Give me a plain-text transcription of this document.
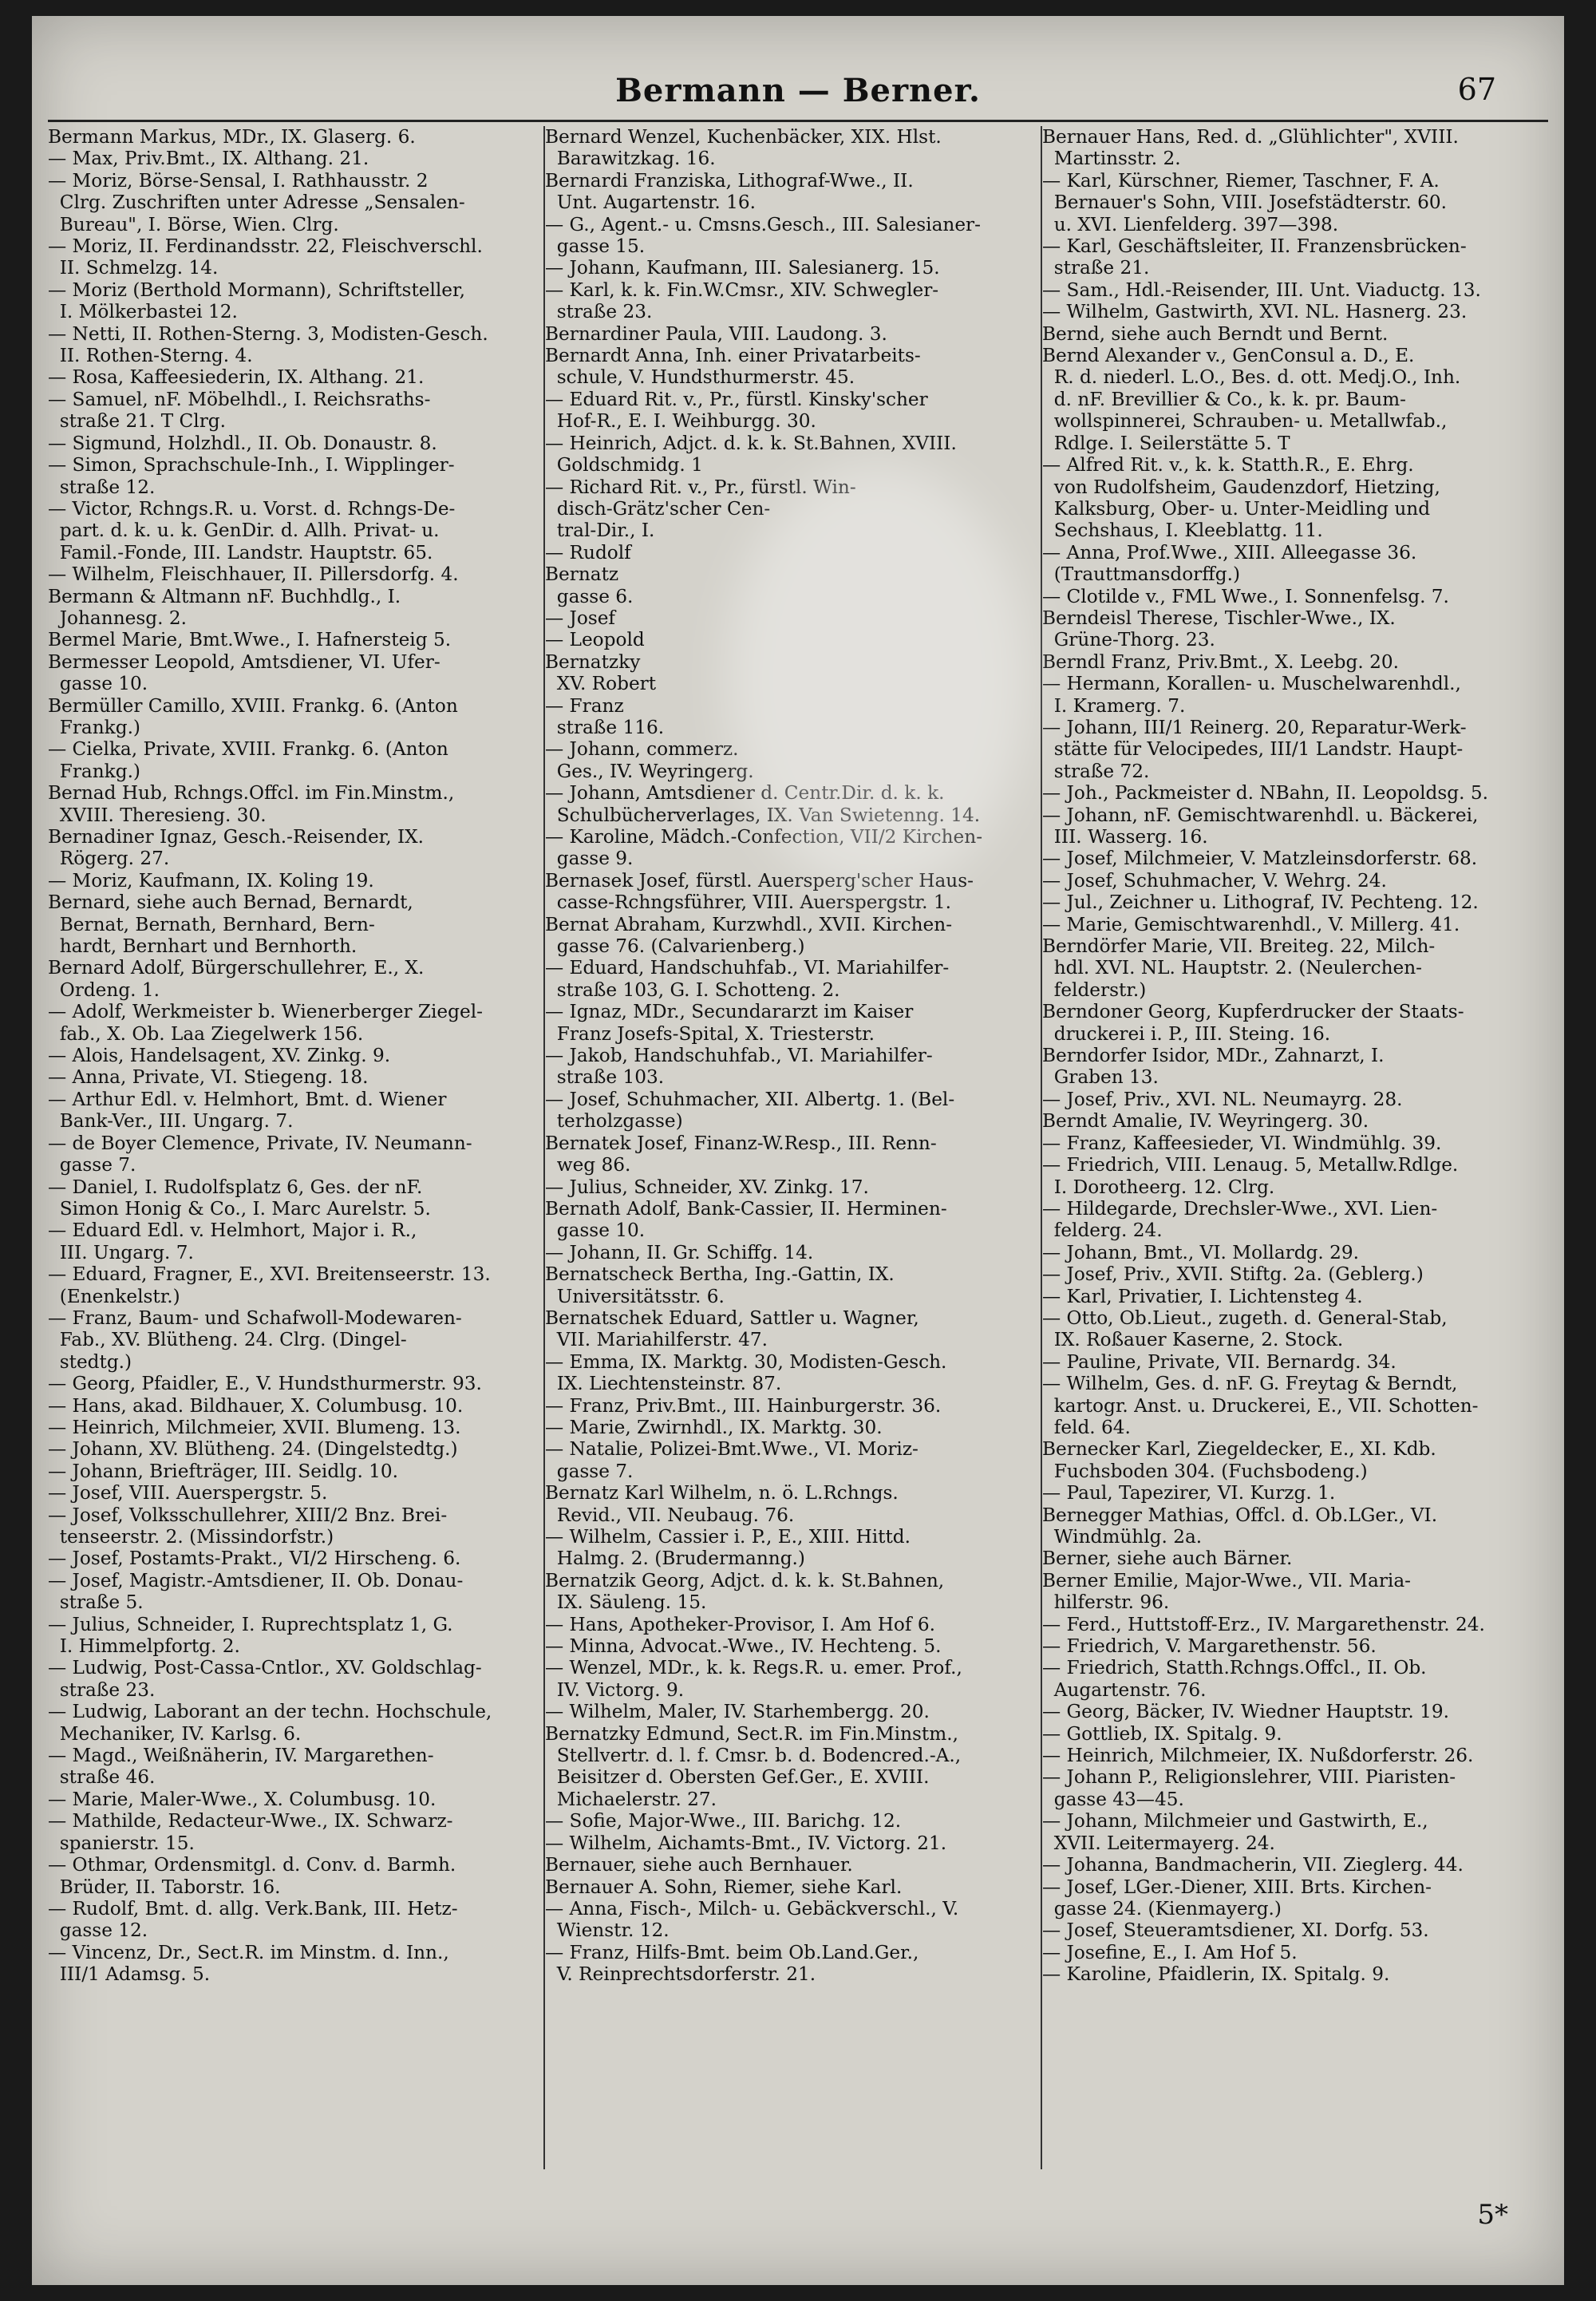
Bermann — Berner.	67
Bermann Markus, MDr., IX. Glaserg. 6.
— Max, Priv.Bmt., IX. Althang. 21.
— Moriz, Börse-Sensal, I. Rathhausstr. 2
Clrg. Zuschriften unter Adresse „Sensalen-
Bureau", I. Börse, Wien. Clrg.
— Moriz, II. Ferdinandsstr. 22, Fleischverschl.
II. Schmelzg. 14.
— Moriz (Berthold Mormann), Schriftsteller,
I. Mölkerbastei 12.
— Netti, II. Rothen-Sterng. 3, Modisten-Gesch.
II. Rothen-Sterng. 4.
— Rosa, Kaffeesiederin, IX. Althang. 21.
— Samuel, nF. Möbelhdl., I. Reichsraths-
straße 21. T Clrg.
— Sigmund, Holzhdl., II. Ob. Donaustr. 8.
— Simon, Sprachschule-Inh., I. Wipplinger-
straße 12.
— Victor, Rchngs.R. u. Vorst. d. Rchngs-De-
part. d. k. u. k. GenDir. d. Allh. Privat- u.
Famil.-Fonde, III. Landstr. Hauptstr. 65.
— Wilhelm, Fleischhauer, II. Pillersdorfg. 4.
Bermann & Altmann nF. Buchhdlg., I.
Johannesg. 2.
Bermel Marie, Bmt.Wwe., I. Hafnersteig 5.
Bermesser Leopold, Amtsdiener, VI. Ufer-
gasse 10.
Bermüller Camillo, XVIII. Frankg. 6. (Anton
Frankg.)
— Cielka, Private, XVIII. Frankg. 6. (Anton
Frankg.)
Bernad Hub, Rchngs.Offcl. im Fin.Minstm.,
XVIII. Theresieng. 30.
Bernadiner Ignaz, Gesch.-Reisender, IX.
Rögerg. 27.
— Moriz, Kaufmann, IX. Koling 19.
Bernard, siehe auch Bernad, Bernardt,
Bernat, Bernath, Bernhard, Bern-
hardt, Bernhart und Bernhorth.
Bernard Adolf, Bürgerschullehrer, E., X.
Ordeng. 1.
— Adolf, Werkmeister b. Wienerberger Ziegel-
fab., X. Ob. Laa Ziegelwerk 156.
— Alois, Handelsagent, XV. Zinkg. 9.
— Anna, Private, VI. Stiegeng. 18.
— Arthur Edl. v. Helmhort, Bmt. d. Wiener
Bank-Ver., III. Ungarg. 7.
— de Boyer Clemence, Private, IV. Neumann-
gasse 7.
— Daniel, I. Rudolfsplatz 6, Ges. der nF.
Simon Honig & Co., I. Marc Aurelstr. 5.
— Eduard Edl. v. Helmhort, Major i. R.,
III. Ungarg. 7.
— Eduard, Fragner, E., XVI. Breitenseerstr. 13.
(Enenkelstr.)
— Franz, Baum- und Schafwoll-Modewaren-
Fab., XV. Blütheng. 24. Clrg. (Dingel-
stedtg.)
— Georg, Pfaidler, E., V. Hundsthurmerstr. 93.
— Hans, akad. Bildhauer, X. Columbusg. 10.
— Heinrich, Milchmeier, XVII. Blumeng. 13.
— Johann, XV. Blütheng. 24. (Dingelstedtg.)
— Johann, Briefträger, III. Seidlg. 10.
— Josef, VIII. Auerspergstr. 5.
— Josef, Volksschullehrer, XIII/2 Bnz. Brei-
tenseerstr. 2. (Missindorfstr.)
— Josef, Postamts-Prakt., VI/2 Hirscheng. 6.
— Josef, Magistr.-Amtsdiener, II. Ob. Donau-
straße 5.
— Julius, Schneider, I. Ruprechtsplatz 1, G.
I. Himmelpfortg. 2.
— Ludwig, Post-Cassa-Cntlor., XV. Goldschlag-
straße 23.
— Ludwig, Laborant an der techn. Hochschule,
Mechaniker, IV. Karlsg. 6.
— Magd., Weißnäherin, IV. Margarethen-
straße 46.
— Marie, Maler-Wwe., X. Columbusg. 10.
— Mathilde, Redacteur-Wwe., IX. Schwarz-
spanierstr. 15.
— Othmar, Ordensmitgl. d. Conv. d. Barmh.
Brüder, II. Taborstr. 16.
— Rudolf, Bmt. d. allg. Verk.Bank, III. Hetz-
gasse 12.
— Vincenz, Dr., Sect.R. im Minstm. d. Inn.,
III/1 Adamsg. 5.
Bernard Wenzel, Kuchenbäcker, XIX. Hlst.
Barawitzkag. 16.
Bernardi Franziska, Lithograf-Wwe., II.
Unt. Augartenstr. 16.
— G., Agent.- u. Cmsns.Gesch., III. Salesianer-
gasse 15.
— Johann, Kaufmann, III. Salesianerg. 15.
— Karl, k. k. Fin.W.Cmsr., XIV. Schwegler-
straße 23.
Bernardiner Paula, VIII. Laudong. 3.
Bernardt Anna, Inh. einer Privatarbeits-
schule, V. Hundsthurmerstr. 45.
— Eduard Rit. v., Pr., fürstl. Kinsky'scher
Hof-R., E. I. Weihburgg. 30.
— Heinrich, Adjct. d. k. k. St.Bahnen, XVIII.
Goldschmidg. 1
— Richard Rit. v., Pr., fürstl. Win-
disch-Grätz'scher Cen-
tral-Dir., I.
— Rudolf
Bernatz
gasse 6.
— Josef
— Leopold
Bernatzky
XV. Robert
— Franz
straße 116.
— Johann, commerz.
Ges., IV. Weyringerg.
— Johann, Amtsdiener d. Centr.Dir. d. k. k.
Schulbücherverlages, IX. Van Swietenng. 14.
— Karoline, Mädch.-Confection, VII/2 Kirchen-
gasse 9.
Bernasek Josef, fürstl. Auersperg'scher Haus-
casse-Rchngsführer, VIII. Auerspergstr. 1.
Bernat Abraham, Kurzwhdl., XVII. Kirchen-
gasse 76. (Calvarienberg.)
— Eduard, Handschuhfab., VI. Mariahilfer-
straße 103, G. I. Schotteng. 2.
— Ignaz, MDr., Secundararzt im Kaiser
Franz Josefs-Spital, X. Triesterstr.
— Jakob, Handschuhfab., VI. Mariahilfer-
straße 103.
— Josef, Schuhmacher, XII. Albertg. 1. (Bel-
terholzgasse)
Bernatek Josef, Finanz-W.Resp., III. Renn-
weg 86.
— Julius, Schneider, XV. Zinkg. 17.
Bernath Adolf, Bank-Cassier, II. Herminen-
gasse 10.
— Johann, II. Gr. Schiffg. 14.
Bernatscheck Bertha, Ing.-Gattin, IX.
Universitätsstr. 6.
Bernatschek Eduard, Sattler u. Wagner,
VII. Mariahilferstr. 47.
— Emma, IX. Marktg. 30, Modisten-Gesch.
IX. Liechtensteinstr. 87.
— Franz, Priv.Bmt., III. Hainburgerstr. 36.
— Marie, Zwirnhdl., IX. Marktg. 30.
— Natalie, Polizei-Bmt.Wwe., VI. Moriz-
gasse 7.
Bernatz Karl Wilhelm, n. ö. L.Rchngs.
Revid., VII. Neubaug. 76.
— Wilhelm, Cassier i. P., E., XIII. Hittd.
Halmg. 2. (Brudermanng.)
Bernatzik Georg, Adjct. d. k. k. St.Bahnen,
IX. Säuleng. 15.
— Hans, Apotheker-Provisor, I. Am Hof 6.
— Minna, Advocat.-Wwe., IV. Hechteng. 5.
— Wenzel, MDr., k. k. Regs.R. u. emer. Prof.,
IV. Victorg. 9.
— Wilhelm, Maler, IV. Starhembergg. 20.
Bernatzky Edmund, Sect.R. im Fin.Minstm.,
Stellvertr. d. l. f. Cmsr. b. d. Bodencred.-A.,
Beisitzer d. Obersten Gef.Ger., E. XVIII.
Michaelerstr. 27.
— Sofie, Major-Wwe., III. Barichg. 12.
— Wilhelm, Aichamts-Bmt., IV. Victorg. 21.
Bernauer, siehe auch Bernhauer.
Bernauer A. Sohn, Riemer, siehe Karl.
— Anna, Fisch-, Milch- u. Gebäckverschl., V.
Wienstr. 12.
— Franz, Hilfs-Bmt. beim Ob.Land.Ger.,
V. Reinprechtsdorferstr. 21.
Bernauer Hans, Red. d. „Glühlichter", XVIII.
Martinsstr. 2.
— Karl, Kürschner, Riemer, Taschner, F. A.
Bernauer's Sohn, VIII. Josefstädterstr. 60.
u. XVI. Lienfelderg. 397—398.
— Karl, Geschäftsleiter, II. Franzensbrücken-
straße 21.
— Sam., Hdl.-Reisender, III. Unt. Viaductg. 13.
— Wilhelm, Gastwirth, XVI. NL. Hasnerg. 23.
Bernd, siehe auch Berndt und Bernt.
Bernd Alexander v., GenConsul a. D., E.
R. d. niederl. L.O., Bes. d. ott. Medj.O., Inh.
d. nF. Brevillier & Co., k. k. pr. Baum-
wollspinnerei, Schrauben- u. Metallwfab.,
Rdlge. I. Seilerstätte 5. T
— Alfred Rit. v., k. k. Statth.R., E. Ehrg.
von Rudolfsheim, Gaudenzdorf, Hietzing,
Kalksburg, Ober- u. Unter-Meidling und
Sechshaus, I. Kleeblattg. 11.
— Anna, Prof.Wwe., XIII. Alleegasse 36.
(Trauttmansdorffg.)
— Clotilde v., FML Wwe., I. Sonnenfelsg. 7.
Berndeisl Therese, Tischler-Wwe., IX.
Grüne-Thorg. 23.
Berndl Franz, Priv.Bmt., X. Leebg. 20.
— Hermann, Korallen- u. Muschelwarenhdl.,
I. Kramerg. 7.
— Johann, III/1 Reinerg. 20, Reparatur-Werk-
stätte für Velocipedes, III/1 Landstr. Haupt-
straße 72.
— Joh., Packmeister d. NBahn, II. Leopoldsg. 5.
— Johann, nF. Gemischtwarenhdl. u. Bäckerei,
III. Wasserg. 16.
— Josef, Milchmeier, V. Matzleinsdorferstr. 68.
— Josef, Schuhmacher, V. Wehrg. 24.
— Jul., Zeichner u. Lithograf, IV. Pechteng. 12.
— Marie, Gemischtwarenhdl., V. Millerg. 41.
Berndörfer Marie, VII. Breiteg. 22, Milch-
hdl. XVI. NL. Hauptstr. 2. (Neulerchen-
felderstr.)
Berndoner Georg, Kupferdrucker der Staats-
druckerei i. P., III. Steing. 16.
Berndorfer Isidor, MDr., Zahnarzt, I.
Graben 13.
— Josef, Priv., XVI. NL. Neumayrg. 28.
Berndt Amalie, IV. Weyringerg. 30.
— Franz, Kaffeesieder, VI. Windmühlg. 39.
— Friedrich, VIII. Lenaug. 5, Metallw.Rdlge.
I. Dorotheerg. 12. Clrg.
— Hildegarde, Drechsler-Wwe., XVI. Lien-
felderg. 24.
— Johann, Bmt., VI. Mollardg. 29.
— Josef, Priv., XVII. Stiftg. 2a. (Geblerg.)
— Karl, Privatier, I. Lichtensteg 4.
— Otto, Ob.Lieut., zugeth. d. General-Stab,
IX. Roßauer Kaserne, 2. Stock.
— Pauline, Private, VII. Bernardg. 34.
— Wilhelm, Ges. d. nF. G. Freytag & Berndt,
kartogr. Anst. u. Druckerei, E., VII. Schotten-
feld. 64.
Bernecker Karl, Ziegeldecker, E., XI. Kdb.
Fuchsboden 304. (Fuchsbodeng.)
— Paul, Tapezirer, VI. Kurzg. 1.
Bernegger Mathias, Offcl. d. Ob.LGer., VI.
Windmühlg. 2a.
Berner, siehe auch Bärner.
Berner Emilie, Major-Wwe., VII. Maria-
hilferstr. 96.
— Ferd., Huttstoff-Erz., IV. Margarethenstr. 24.
— Friedrich, V. Margarethenstr. 56.
— Friedrich, Statth.Rchngs.Offcl., II. Ob.
Augartenstr. 76.
— Georg, Bäcker, IV. Wiedner Hauptstr. 19.
— Gottlieb, IX. Spitalg. 9.
— Heinrich, Milchmeier, IX. Nußdorferstr. 26.
— Johann P., Religionslehrer, VIII. Piaristen-
gasse 43—45.
— Johann, Milchmeier und Gastwirth, E.,
XVII. Leitermayerg. 24.
— Johanna, Bandmacherin, VII. Zieglerg. 44.
— Josef, LGer.-Diener, XIII. Brts. Kirchen-
gasse 24. (Kienmayerg.)
— Josef, Steueramtsdiener, XI. Dorfg. 53.
— Josefine, E., I. Am Hof 5.
— Karoline, Pfaidlerin, IX. Spitalg. 9.
5*
